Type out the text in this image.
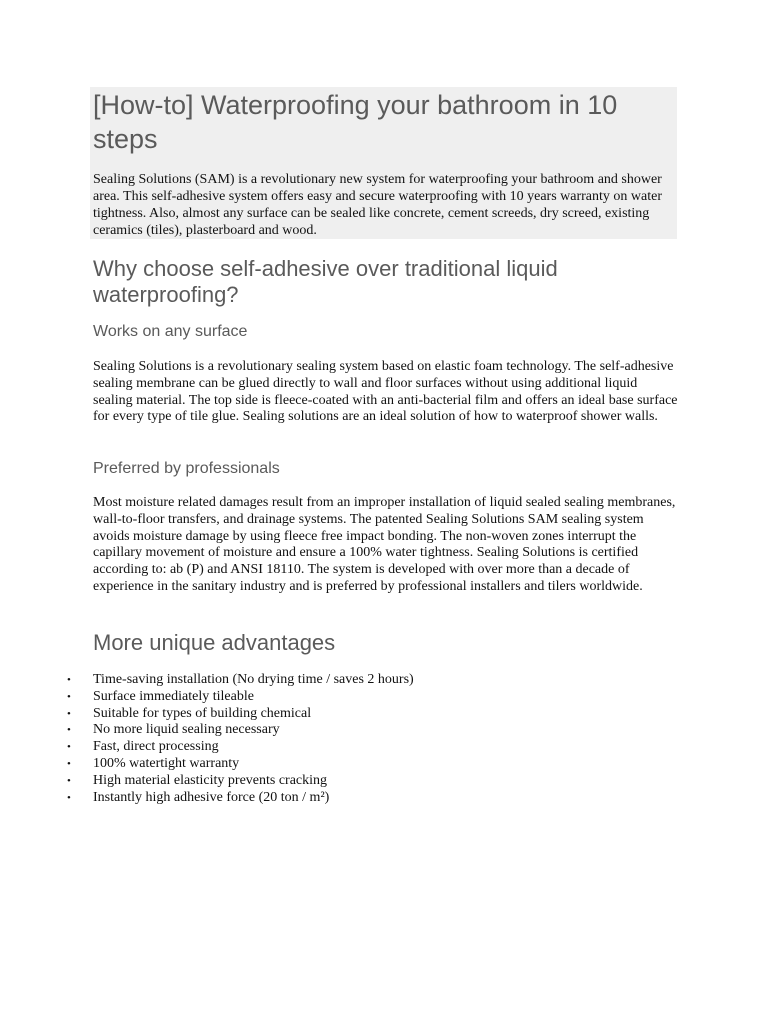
[How-to] Waterproofing your bathroom in 10 steps

Sealing Solutions (SAM) is a revolutionary new system for waterproofing your bathroom and shower area. This self-adhesive system offers easy and secure waterproofing with 10 years warranty on water tightness. Also, almost any surface can be sealed like concrete, cement screeds, dry screed, existing ceramics (tiles), plasterboard and wood.

Why choose self-adhesive over traditional liquid waterproofing?
Works on any surface

Sealing Solutions is a revolutionary sealing system based on elastic foam technology. The self-adhesive sealing membrane can be glued directly to wall and floor surfaces without using additional liquid sealing material. The top side is fleece-coated with an anti-bacterial film and offers an ideal base surface for every type of tile glue. Sealing solutions are an ideal solution of how to waterproof shower walls.

Preferred by professionals

Most moisture related damages result from an improper installation of liquid sealed sealing membranes, wall-to-floor transfers, and drainage systems. The patented Sealing Solutions SAM sealing system avoids moisture damage by using fleece free impact bonding. The non-woven zones interrupt the capillary movement of moisture and ensure a 100% water tightness. Sealing Solutions is certified according to: ab (P) and ANSI 18110. The system is developed with over more than a decade of experience in the sanitary industry and is preferred by professional installers and tilers worldwide.

More unique advantages
• Time-saving installation (No drying time / saves 2 hours)
• Surface immediately tileable
• Suitable for types of building chemical
• No more liquid sealing necessary
• Fast, direct processing
• 100% watertight warranty
• High material elasticity prevents cracking
• Instantly high adhesive force (20 ton / m²)
